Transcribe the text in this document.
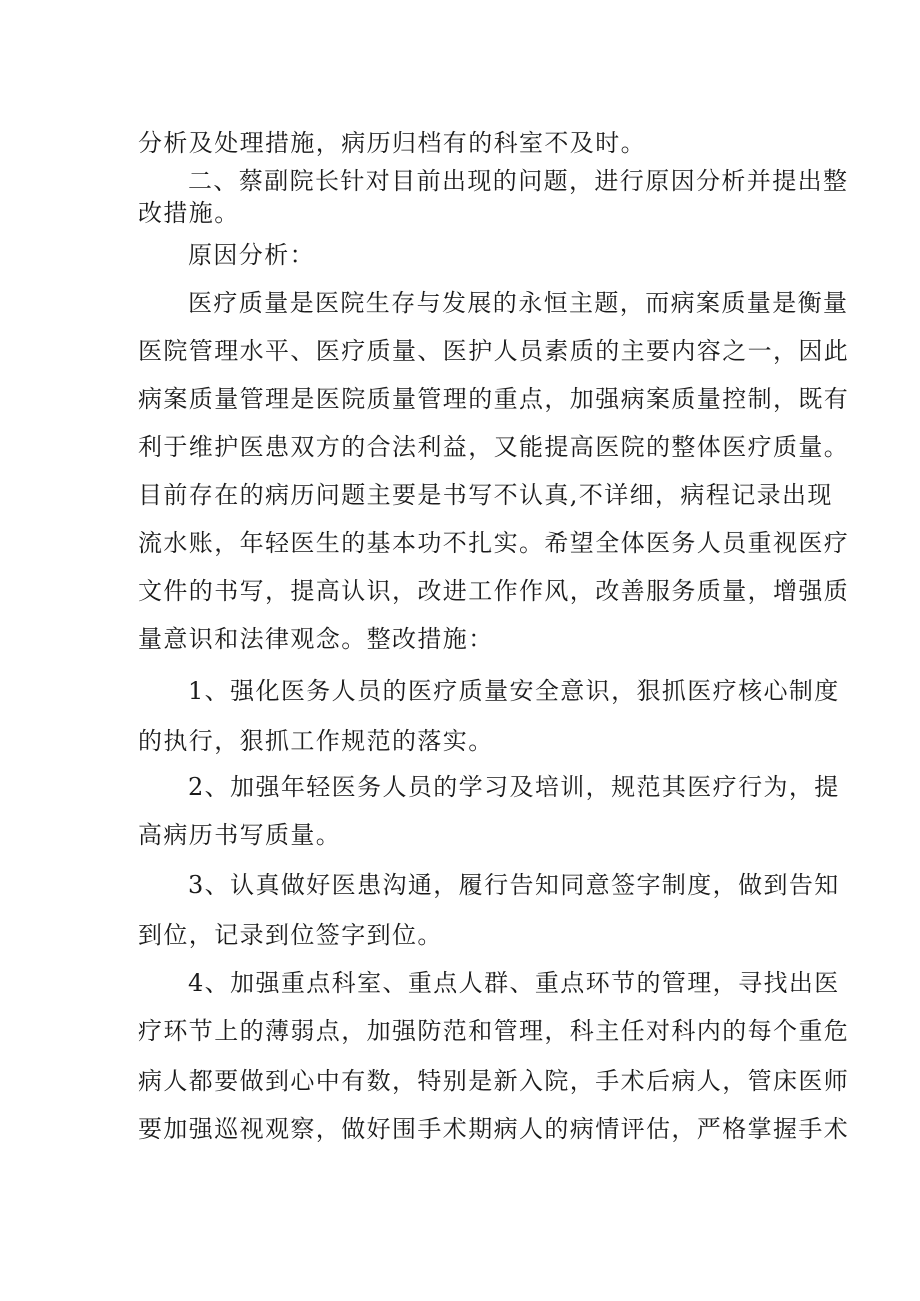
分析及处理措施，病历归档有的科室不及时。
二、蔡副院长针对目前出现的问题，进行原因分析并提出整
改措施。
原因分析：
医疗质量是医院生存与发展的永恒主题，而病案质量是衡量
医院管理水平、医疗质量、医护人员素质的主要内容之一，因此
病案质量管理是医院质量管理的重点，加强病案质量控制，既有
利于维护医患双方的合法利益，又能提高医院的整体医疗质量。
目前存在的病历问题主要是书写不认真,不详细，病程记录出现
流水账，年轻医生的基本功不扎实。希望全体医务人员重视医疗
文件的书写，提高认识，改进工作作风，改善服务质量，增强质
量意识和法律观念。整改措施：
1、强化医务人员的医疗质量安全意识，狠抓医疗核心制度
的执行，狠抓工作规范的落实。
2、加强年轻医务人员的学习及培训，规范其医疗行为，提
高病历书写质量。
3、认真做好医患沟通，履行告知同意签字制度，做到告知
到位，记录到位签字到位。
4、加强重点科室、重点人群、重点环节的管理，寻找出医
疗环节上的薄弱点，加强防范和管理，科主任对科内的每个重危
病人都要做到心中有数，特别是新入院，手术后病人，管床医师
要加强巡视观察，做好围手术期病人的病情评估，严格掌握手术
